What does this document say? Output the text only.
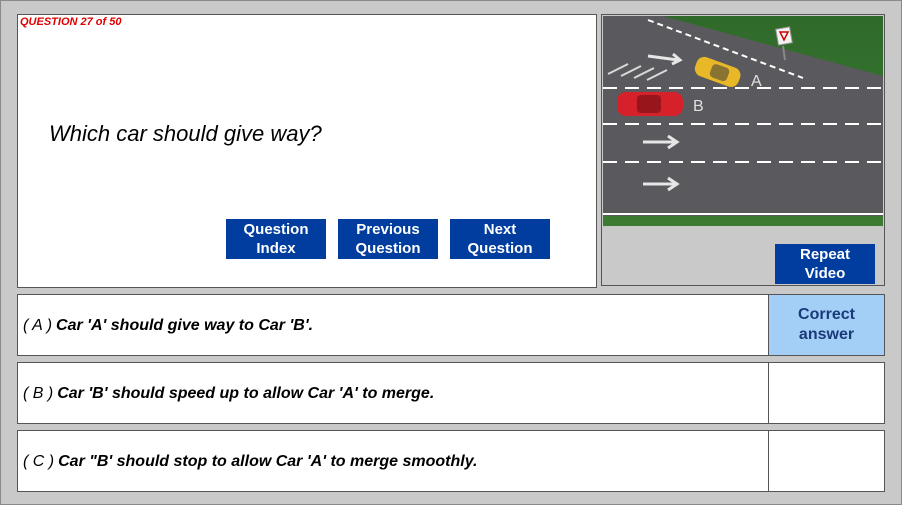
QUESTION 27 of 50
Which car should give way?
Question
Index
Previous
Question
Next
Question
A
B
Repeat
Video
( A ) Car 'A' should give way to Car 'B'.
Correct
answer
( B ) Car 'B' should speed up to allow Car 'A' to merge.
( C ) Car "B' should stop to allow Car 'A' to merge smoothly.
